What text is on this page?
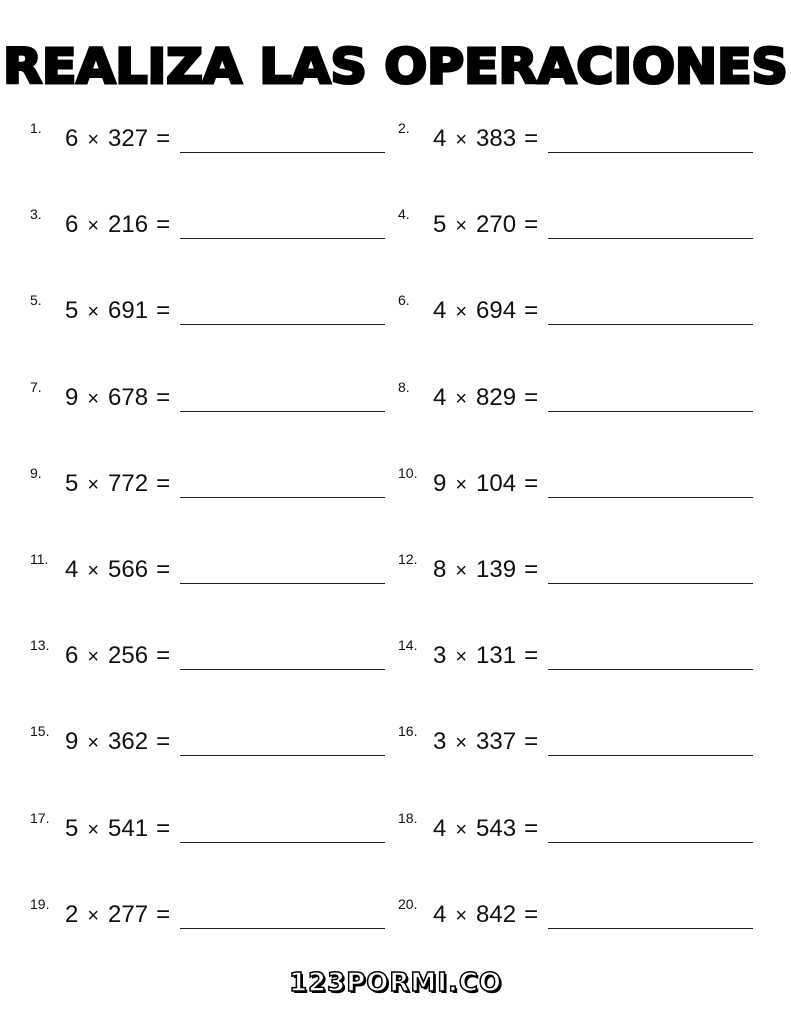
REALIZA LAS OPERACIONES
1. 6 × 327 =	2. 4 × 383 =
3. 6 × 216 =	4. 5 × 270 =
5. 5 × 691 =	6. 4 × 694 =
7. 9 × 678 =	8. 4 × 829 =
9. 5 × 772 =	10. 9 × 104 =
11. 4 × 566 =	12. 8 × 139 =
13. 6 × 256 =	14. 3 × 131 =
15. 9 × 362 =	16. 3 × 337 =
17. 5 × 541 =	18. 4 × 543 =
19. 2 × 277 =	20. 4 × 842 =
123PORMI.CO
